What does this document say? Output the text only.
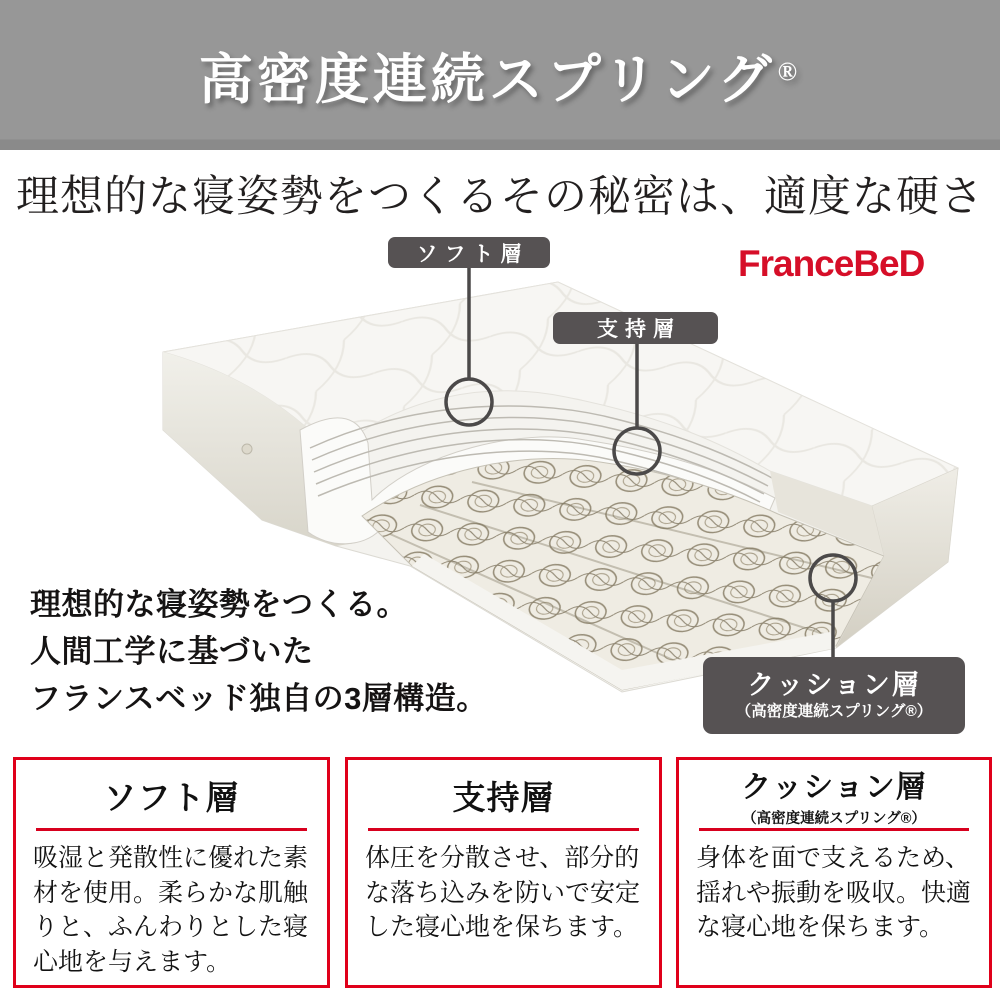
高密度連続スプリング®
理想的な寝姿勢をつくるその秘密は、適度な硬さ
ソフト層
支持層
クッション層
（高密度連続スプリング®）
FranceBeD
理想的な寝姿勢をつくる。
人間工学に基づいた
フランスベッド独自の3層構造。
ソフト層

吸湿と発散性に優れた素材を使用。柔らかな肌触りと、ふんわりとした寝心地を与えます。

支持層

体圧を分散させ、部分的な落ち込みを防いで安定した寝心地を保ちます。

クッション層
（高密度連続スプリング®）

身体を面で支えるため、揺れや振動を吸収。快適な寝心地を保ちます。
